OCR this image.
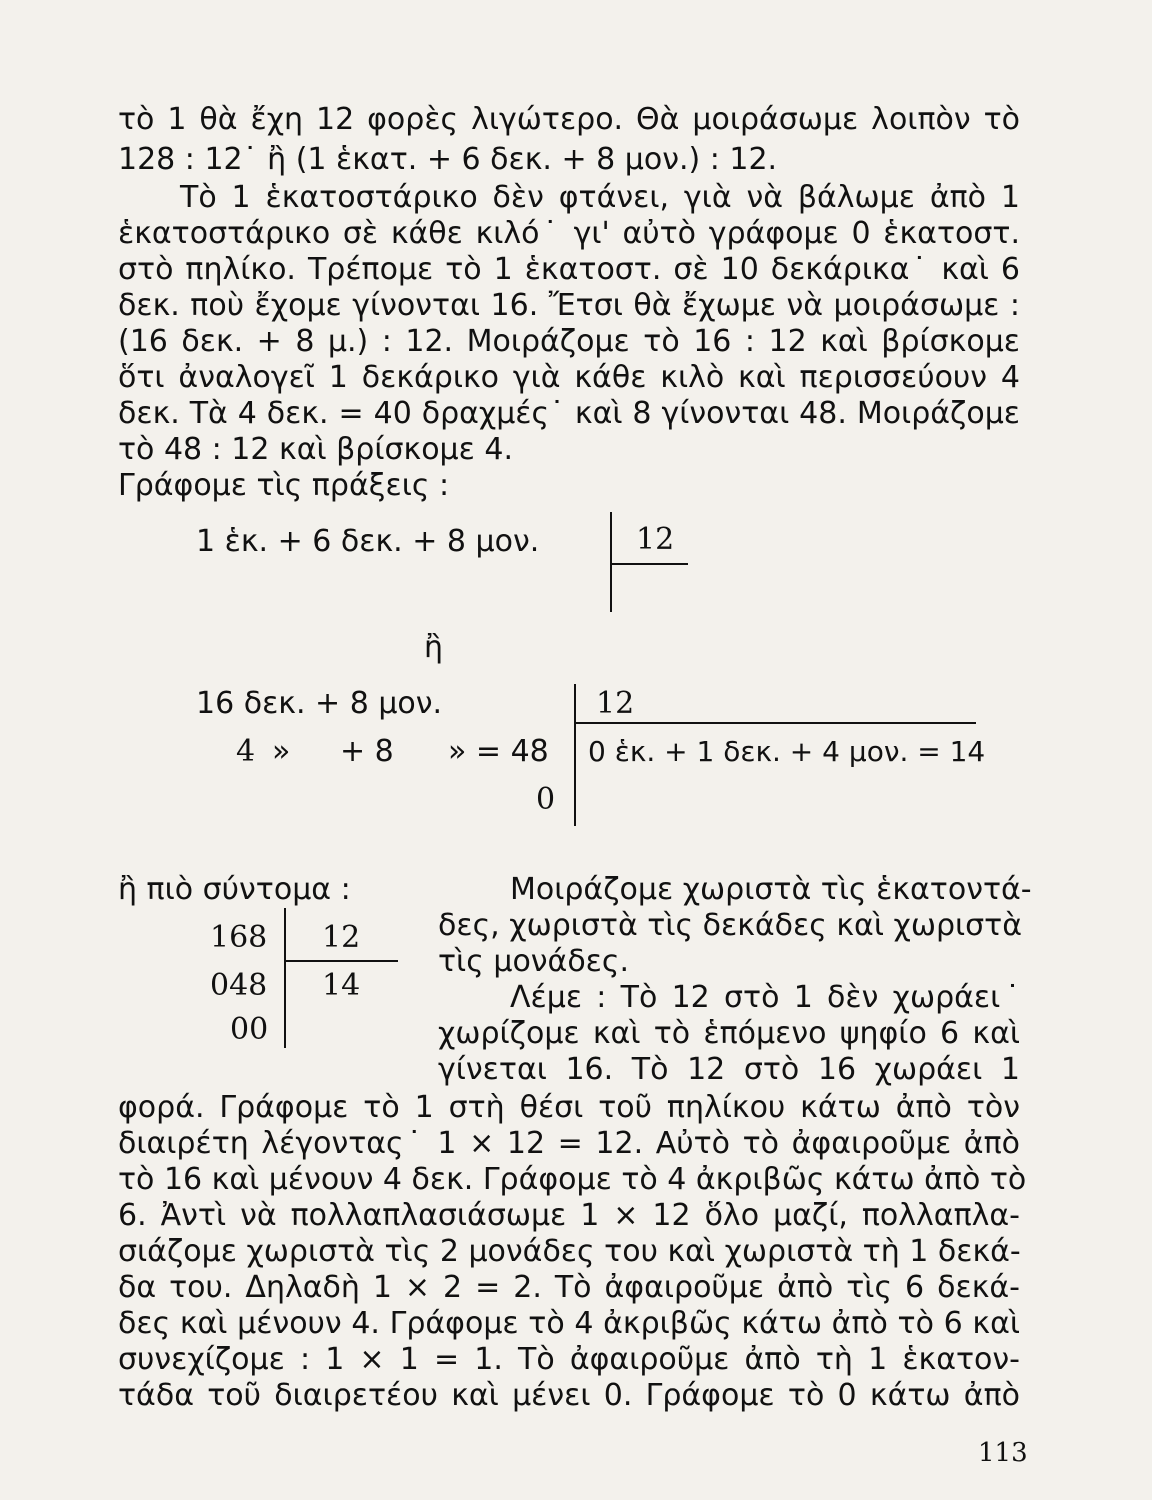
τὸ 1 θὰ ἔχη 12 φορὲς λιγώτερο. Θὰ μοιράσωμε λοιπὸν τὸ
128 : 12˙ ἢ (1 ἑκατ. + 6 δεκ. + 8 μον.) : 12.
Τὸ 1 ἑκατοστάρικο δὲν φτάνει, γιὰ νὰ βάλωμε ἀπὸ 1
ἑκατοστάρικο σὲ κάθε κιλό˙ γι' αὐτὸ γράφομε 0 ἑκατοστ.
στὸ πηλίκο. Τρέπομε τὸ 1 ἑκατοστ. σὲ 10 δεκάρικα˙ καὶ 6
δεκ. ποὺ ἔχομε γίνονται 16. Ἔτσι θὰ ἔχωμε νὰ μοιράσωμε :
(16 δεκ. + 8 μ.) : 12. Μοιράζομε τὸ 16 : 12 καὶ βρίσκομε
ὅτι ἀναλογεῖ 1 δεκάρικο γιὰ κάθε κιλὸ καὶ περισσεύουν 4
δεκ. Τὰ 4 δεκ. = 40 δραχμές˙ καὶ 8 γίνονται 48. Μοιράζομε
τὸ 48 : 12 καὶ βρίσκομε 4.
Γράφομε τὶς πράξεις :
1 ἑκ. + 6 δεκ. + 8 μον.	12
ἢ
16 δεκ. + 8 μον.
4 » + 8 » = 48
0
12
0 ἑκ. + 1 δεκ. + 4 μον. = 14
ἢ πιὸ σύντομα :
168
048
00
12
14
Μοιράζομε χωριστὰ τὶς ἑκατοντά-
δες, χωριστὰ τὶς δεκάδες καὶ χωριστὰ
τὶς μονάδες.
Λέμε : Τὸ 12 στὸ 1 δὲν χωράει˙
χωρίζομε καὶ τὸ ἑπόμενο ψηφίο 6 καὶ
γίνεται 16. Τὸ 12 στὸ 16 χωράει 1
φορά. Γράφομε τὸ 1 στὴ θέσι τοῦ πηλίκου κάτω ἀπὸ τὸν
διαιρέτη λέγοντας˙ 1 × 12 = 12. Αὐτὸ τὸ ἀφαιροῦμε ἀπὸ
τὸ 16 καὶ μένουν 4 δεκ. Γράφομε τὸ 4 ἀκριβῶς κάτω ἀπὸ τὸ
6. Ἀντὶ νὰ πολλαπλασιάσωμε 1 × 12 ὅλο μαζί, πολλαπλα-
σιάζομε χωριστὰ τὶς 2 μονάδες του καὶ χωριστὰ τὴ 1 δεκά-
δα του. Δηλαδὴ 1 × 2 = 2. Τὸ ἀφαιροῦμε ἀπὸ τὶς 6 δεκά-
δες καὶ μένουν 4. Γράφομε τὸ 4 ἀκριβῶς κάτω ἀπὸ τὸ 6 καὶ
συνεχίζομε : 1 × 1 = 1. Τὸ ἀφαιροῦμε ἀπὸ τὴ 1 ἑκατον-
τάδα τοῦ διαιρετέου καὶ μένει 0. Γράφομε τὸ 0 κάτω ἀπὸ
113
